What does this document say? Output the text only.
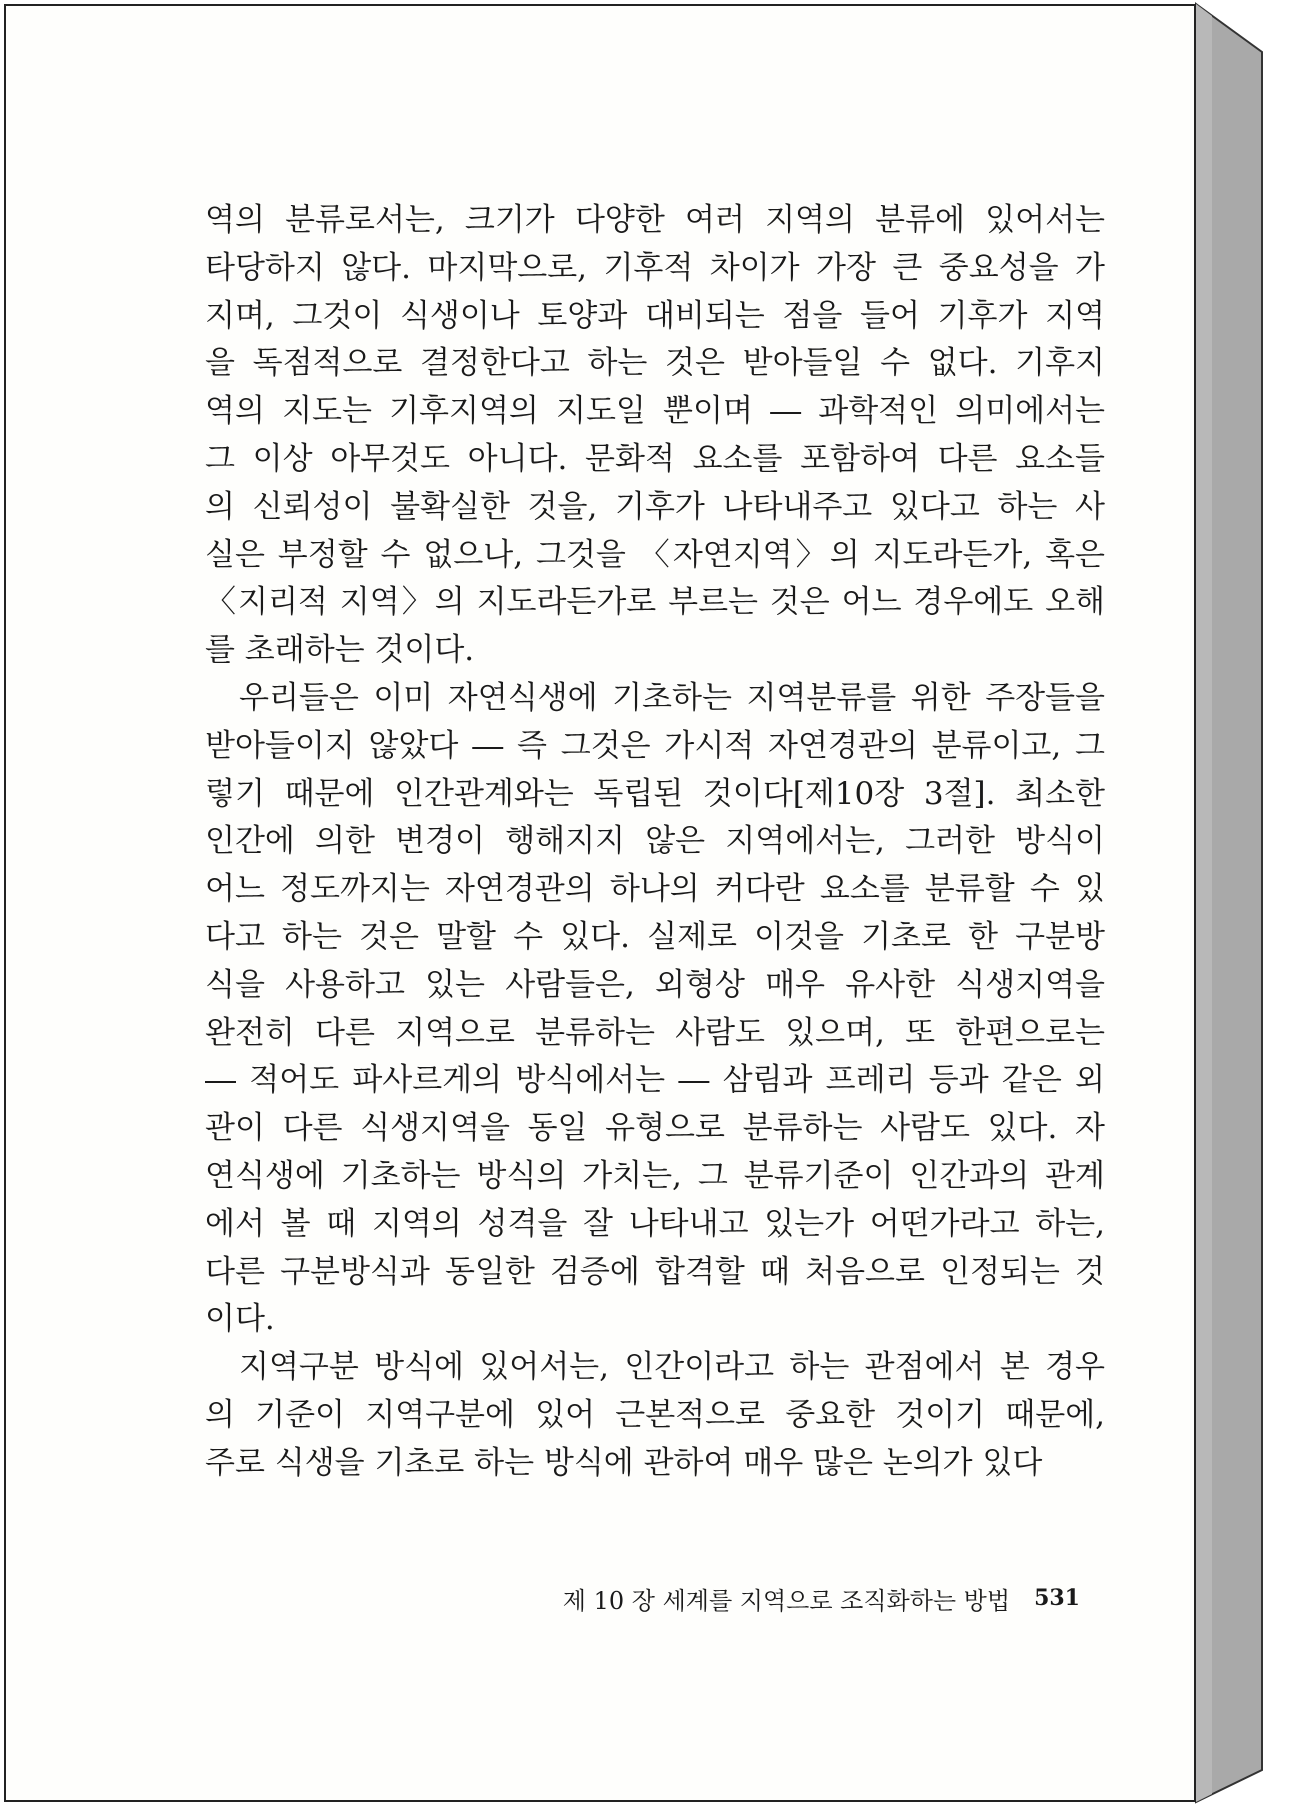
역의 분류로서는, 크기가 다양한 여러 지역의 분류에 있어서는
타당하지 않다. 마지막으로, 기후적 차이가 가장 큰 중요성을 가
지며, 그것이 식생이나 토양과 대비되는 점을 들어 기후가 지역
을 독점적으로 결정한다고 하는 것은 받아들일 수 없다. 기후지
역의 지도는 기후지역의 지도일 뿐이며 ― 과학적인 의미에서는
그 이상 아무것도 아니다. 문화적 요소를 포함하여 다른 요소들
의 신뢰성이 불확실한 것을, 기후가 나타내주고 있다고 하는 사
실은 부정할 수 없으나, 그것을 〈자연지역〉의 지도라든가, 혹은
〈지리적 지역〉의 지도라든가로 부르는 것은 어느 경우에도 오해
를 초래하는 것이다.
우리들은 이미 자연식생에 기초하는 지역분류를 위한 주장들을
받아들이지 않았다 ― 즉 그것은 가시적 자연경관의 분류이고, 그
렇기 때문에 인간관계와는 독립된 것이다[제10장 3절]. 최소한
인간에 의한 변경이 행해지지 않은 지역에서는, 그러한 방식이
어느 정도까지는 자연경관의 하나의 커다란 요소를 분류할 수 있
다고 하는 것은 말할 수 있다. 실제로 이것을 기초로 한 구분방
식을 사용하고 있는 사람들은, 외형상 매우 유사한 식생지역을
완전히 다른 지역으로 분류하는 사람도 있으며, 또 한편으로는
― 적어도 파사르게의 방식에서는 ― 삼림과 프레리 등과 같은 외
관이 다른 식생지역을 동일 유형으로 분류하는 사람도 있다. 자
연식생에 기초하는 방식의 가치는, 그 분류기준이 인간과의 관계
에서 볼 때 지역의 성격을 잘 나타내고 있는가 어떤가라고 하는,
다른 구분방식과 동일한 검증에 합격할 때 처음으로 인정되는 것
이다.
지역구분 방식에 있어서는, 인간이라고 하는 관점에서 본 경우
의 기준이 지역구분에 있어 근본적으로 중요한 것이기 때문에,
주로 식생을 기초로 하는 방식에 관하여 매우 많은 논의가 있다
제 10 장 세계를 지역으로 조직화하는 방법 531
